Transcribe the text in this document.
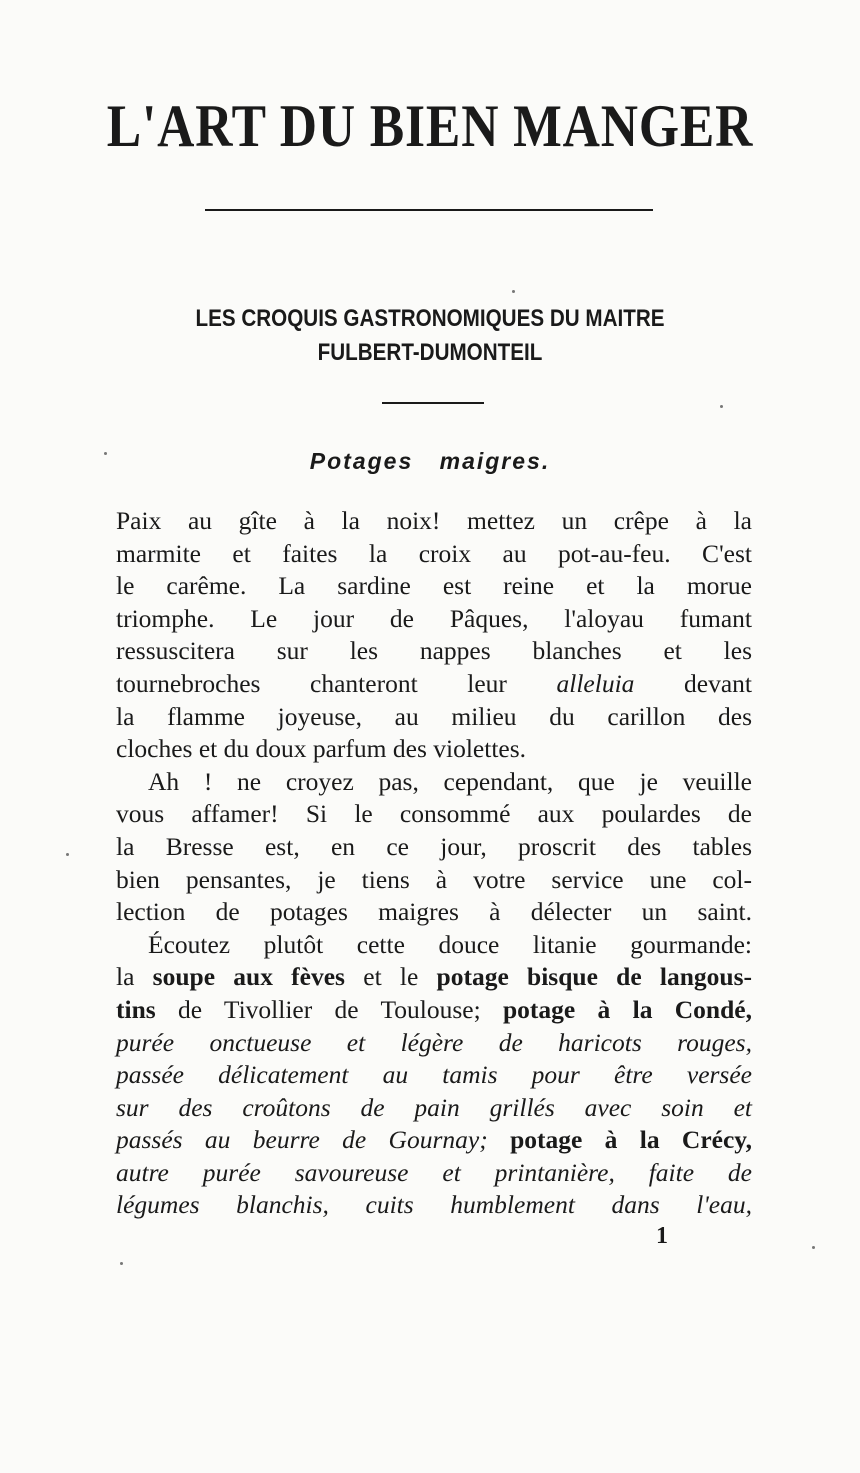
L'ART DU BIEN MANGER
LES CROQUIS GASTRONOMIQUES DU MAITRE
FULBERT-DUMONTEIL
Potages maigres.
Paix au gîte à la noix! mettez un crêpe à la
marmite et faites la croix au pot-au-feu. C'est
le carême. La sardine est reine et la morue
triomphe. Le jour de Pâques, l'aloyau fumant
ressuscitera sur les nappes blanches et les
tournebroches chanteront leur alleluia devant
la flamme joyeuse, au milieu du carillon des
cloches et du doux parfum des violettes.
Ah ! ne croyez pas, cependant, que je veuille
vous affamer! Si le consommé aux poulardes de
la Bresse est, en ce jour, proscrit des tables
bien pensantes, je tiens à votre service une col-
lection de potages maigres à délecter un saint.
Écoutez plutôt cette douce litanie gourmande:
la soupe aux fèves et le potage bisque de langous-
tins de Tivollier de Toulouse; potage à la Condé,
purée onctueuse et légère de haricots rouges,
passée délicatement au tamis pour être versée
sur des croûtons de pain grillés avec soin et
passés au beurre de Gournay; potage à la Crécy,
autre purée savoureuse et printanière, faite de
légumes blanchis, cuits humblement dans l'eau,
1
